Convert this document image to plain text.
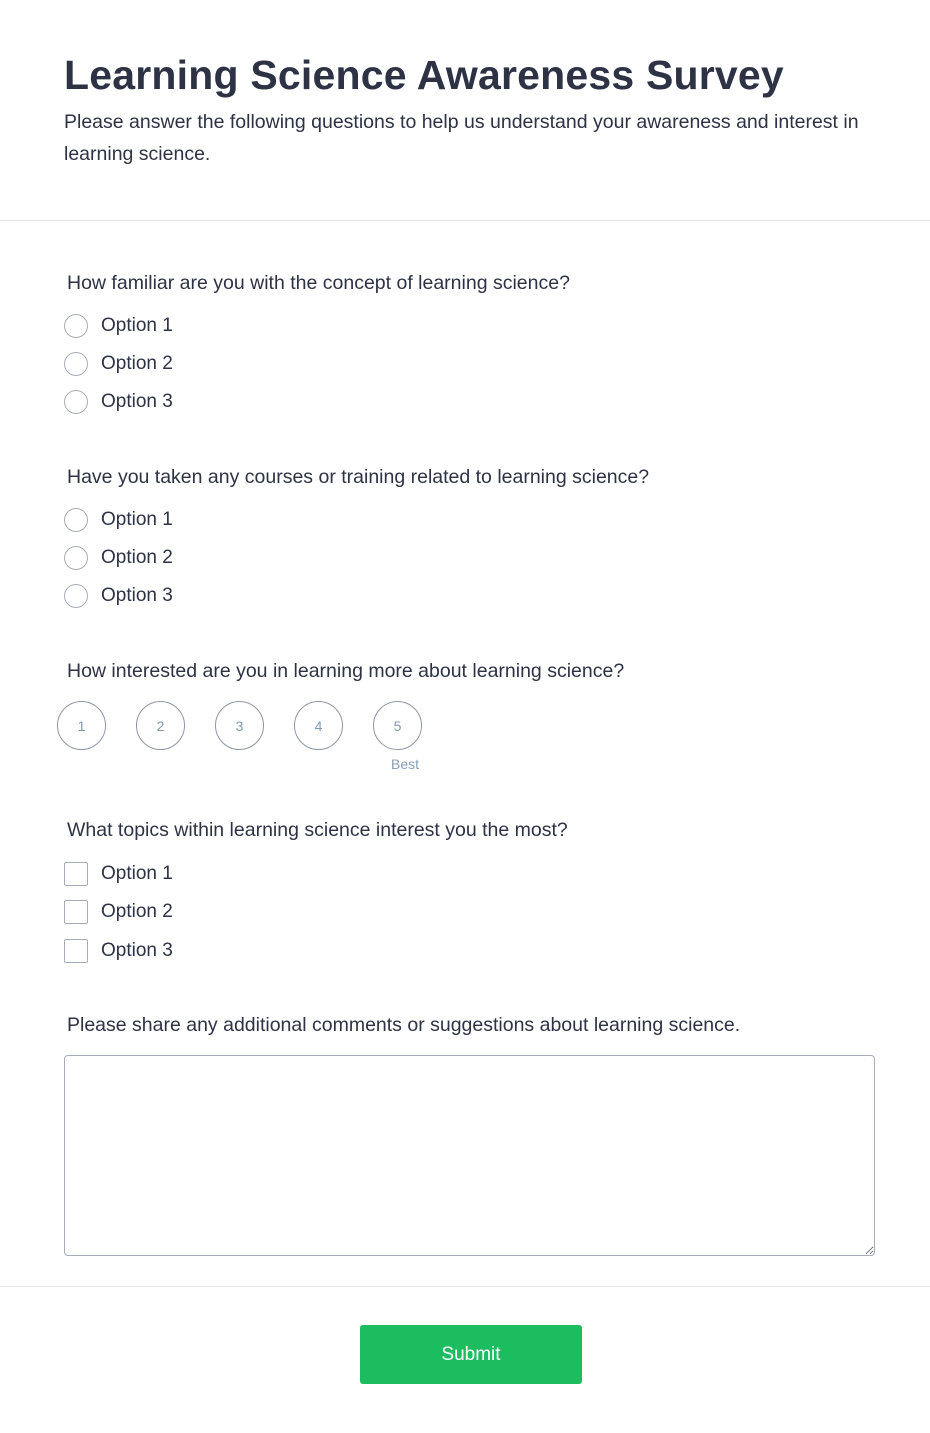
Learning Science Awareness Survey

Please answer the following questions to help us understand your awareness and interest in learning science.

How familiar are you with the concept of learning science?
Option 1
Option 2
Option 3
Have you taken any courses or training related to learning science?
Option 1
Option 2
Option 3
How interested are you in learning more about learning science?
1	2	3	4	5
Best
What topics within learning science interest you the most?
Option 1
Option 2
Option 3
Please share any additional comments or suggestions about learning science.
Submit
